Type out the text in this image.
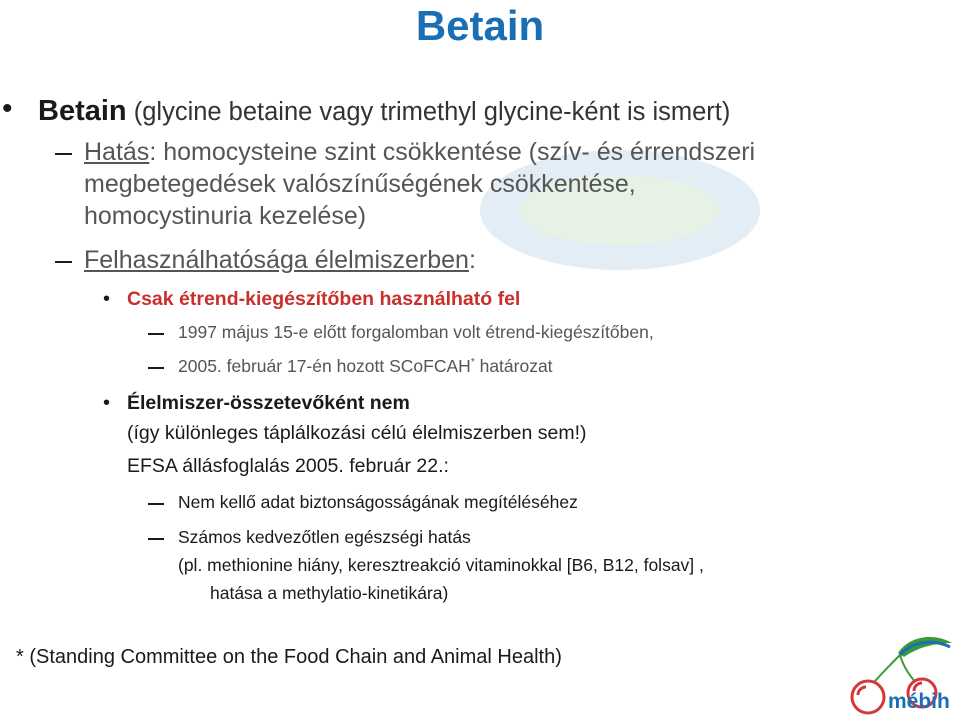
Betain
• Betain (glycine betaine vagy trimethyl glycine-ként is ismert)
Hatás: homocysteine szint csökkentése (szív- és érrendszeri
megbetegedések valószínűségének csökkentése,
homocystinuria kezelése)
Felhasználhatósága élelmiszerben:
• Csak étrend-kiegészítőben használható fel
1997 május 15-e előtt forgalomban volt étrend-kiegészítőben,
2005. február 17-én hozott SCoFCAH* határozat
• Élelmiszer-összetevőként nem
(így különleges táplálkozási célú élelmiszerben sem!)
EFSA állásfoglalás 2005. február 22.:
Nem kellő adat biztonságosságának megítéléséhez
Számos kedvezőtlen egészségi hatás
(pl. methionine hiány, keresztreakció vitaminokkal [B6, B12, folsav] ,
hatása a methylatio-kinetikára)
* (Standing Committee on the Food Chain and Animal Health)
mébih
